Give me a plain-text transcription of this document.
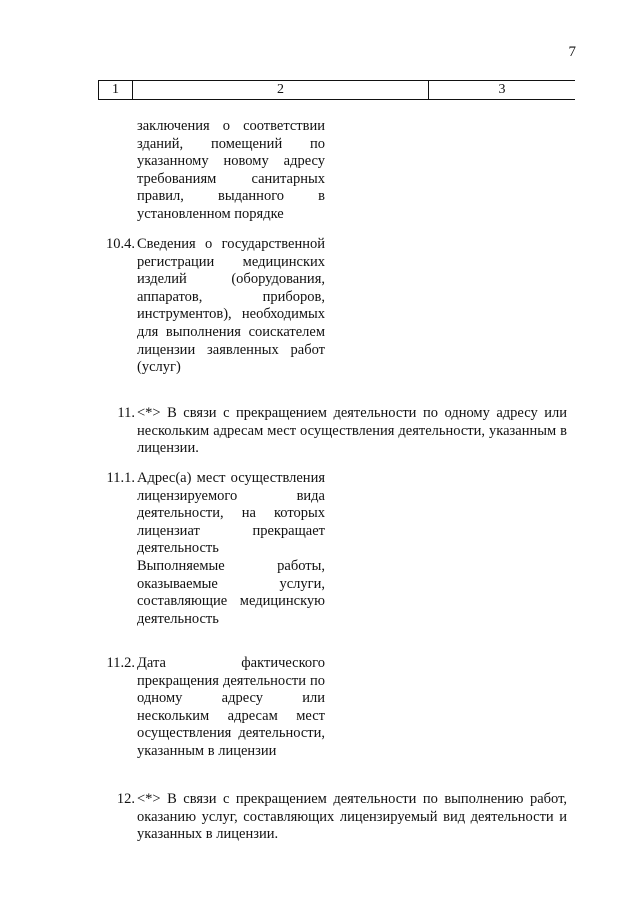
7
1	2	3

заключения о соответствии зданий, помещений по указанному новому адресу требованиям санитарных правил, выданного в установленном порядке

10.4. Сведения о государственной регистрации медицинских изделий (оборудования, аппаратов, приборов, инструментов), необходимых для выполнения соискателем лицензии заявленных работ (услуг)

11. <*> В связи с прекращением деятельности по одному адресу или нескольким адресам мест осуществления деятельности, указанным в лицензии.

11.1. Адрес(а) мест осуществления лицензируемого вида деятельности, на которых лицензиат прекращает деятельность

Выполняемые работы, оказываемые услуги, составляющие медицинскую деятельность

11.2. Дата фактического прекращения деятельности по одному адресу или нескольким адресам мест осуществления деятельности, указанным в лицензии

12. <*> В связи с прекращением деятельности по выполнению работ, оказанию услуг, составляющих лицензируемый вид деятельности и указанных в лицензии.
